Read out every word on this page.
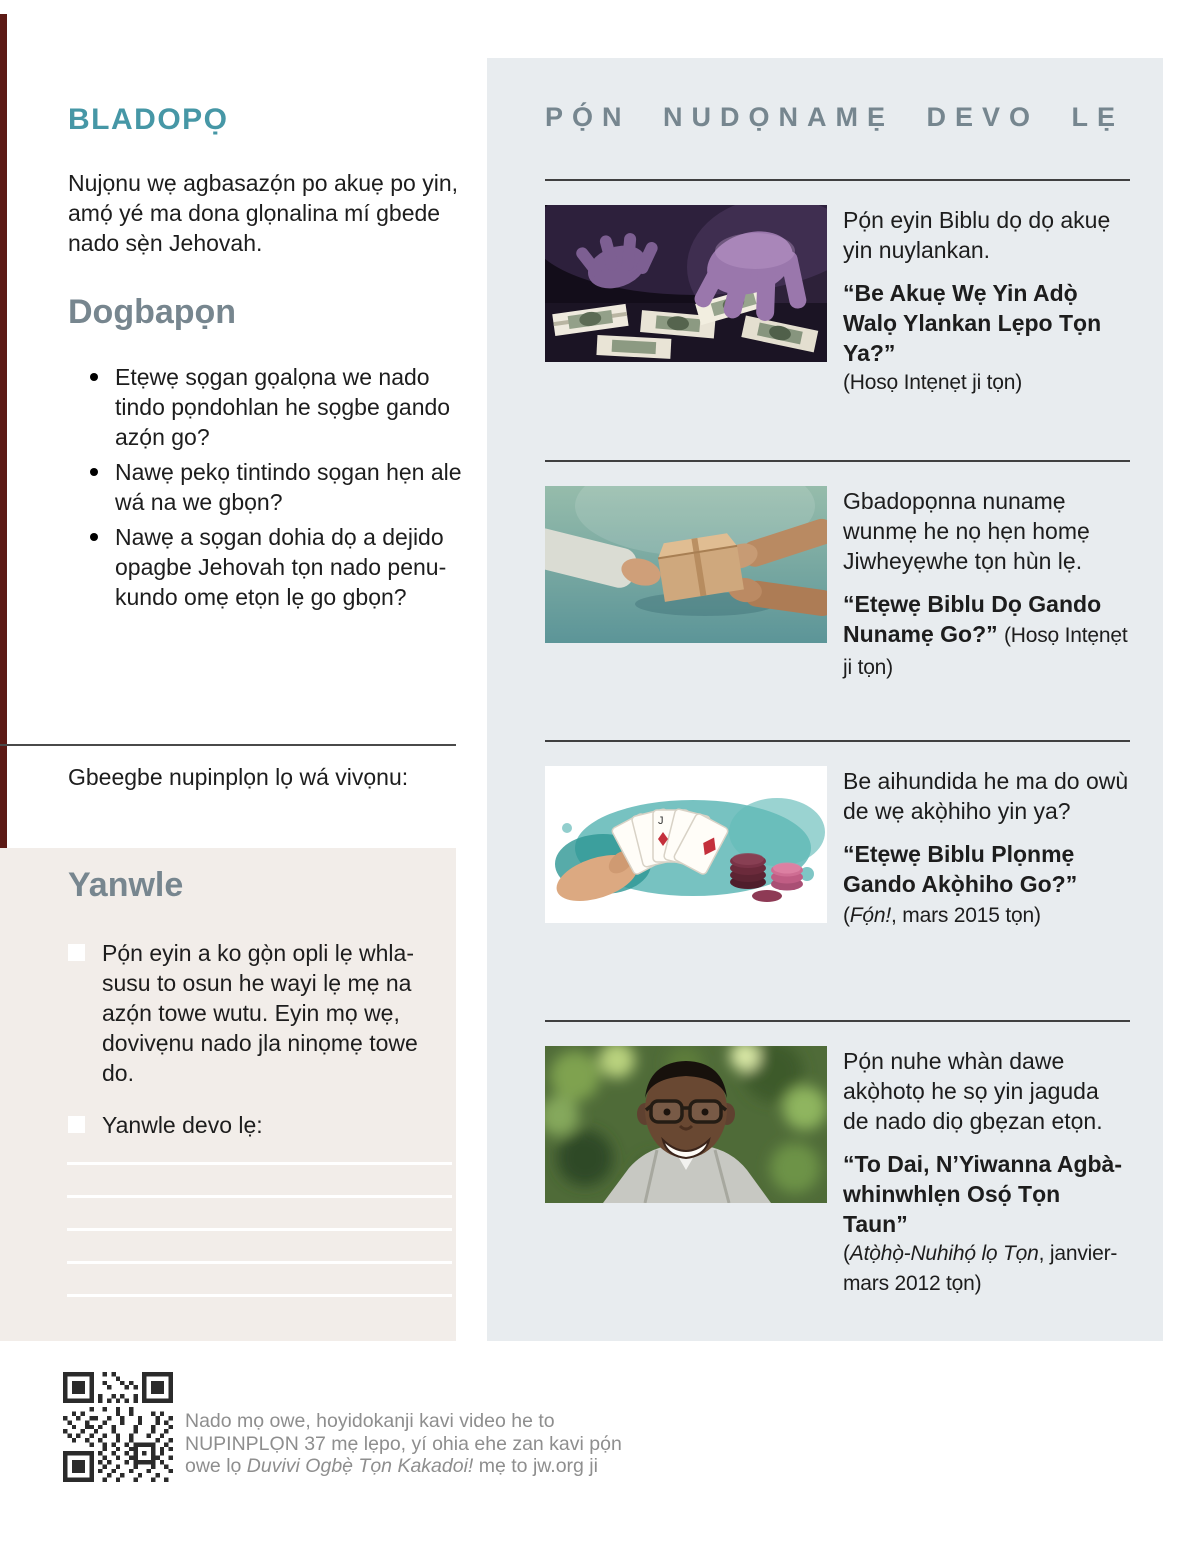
BLADOPỌ

Nujọnu wẹ agbasazọ́n po akuẹ po yin, amọ́ yé ma dona glọnalina mí gbede nado sẹ̀n Jehovah.

Dogbapọn
Etẹwẹ sọgan gọalọna we nado tindo pọndohlan he sọgbe gando azọ́n go?
Nawẹ pekọ tintindo sọgan hẹn ale wá na we gbọn?
Nawẹ a sọgan dohia dọ a dejido opagbe Jehovah tọn nado penukundo omẹ etọn lẹ go gbọn?

Gbeegbe nupinplọn lọ wá vivọnu:

Yanwle
Pọ́n eyin a ko gọ̀n opli lẹ whlasusu to osun he wayi lẹ mẹ na azọ́n towe wutu. Eyin mọ wẹ, dovivẹnu nado jla ninọmẹ towe do.
Yanwle devo lẹ:
PỌ́N NUDỌNAMẸ DEVO LẸ

Pọ́n eyin Biblu dọ dọ akuẹ yin nuylankan.

“Be Akuẹ Wẹ Yin Adọ̀ Walọ Ylankan Lẹpo Tọn Ya?”
(Hosọ Intẹnẹt ji tọn)

Gbadopọnna nunamẹ wunmẹ he nọ hẹn homẹ Jiwheyẹwhe tọn hùn lẹ.

“Etẹwẹ Biblu Dọ Gando Nunamẹ Go?” (Hosọ Intẹnẹt ji tọn)

J

Be aihundida he ma do owù de wẹ akọ̀hiho yin ya?

“Etẹwẹ Biblu Plọnmẹ Gando Akọ̀hiho Go?” (Fọ́n!, mars 2015 tọn)

Pọ́n nuhe whàn dawe akọ̀hotọ he sọ yin jaguda de nado diọ gbẹzan etọn.

“To Dai, N’Yiwanna Agbàwhinwhlẹn Osọ́ Tọn Taun”
(Atọ̀họ̀-Nuhihọ́ lọ Tọn, janvier-mars 2012 tọn)

Nado mọ owe, hoyidokanji kavi video he to
NUPINPLỌN 37 mẹ lẹpo, yí ohia ehe zan kavi pọ́n
owe lọ Duvivi Ogbẹ̀ Tọn Kakadoi! mẹ to jw.org ji
